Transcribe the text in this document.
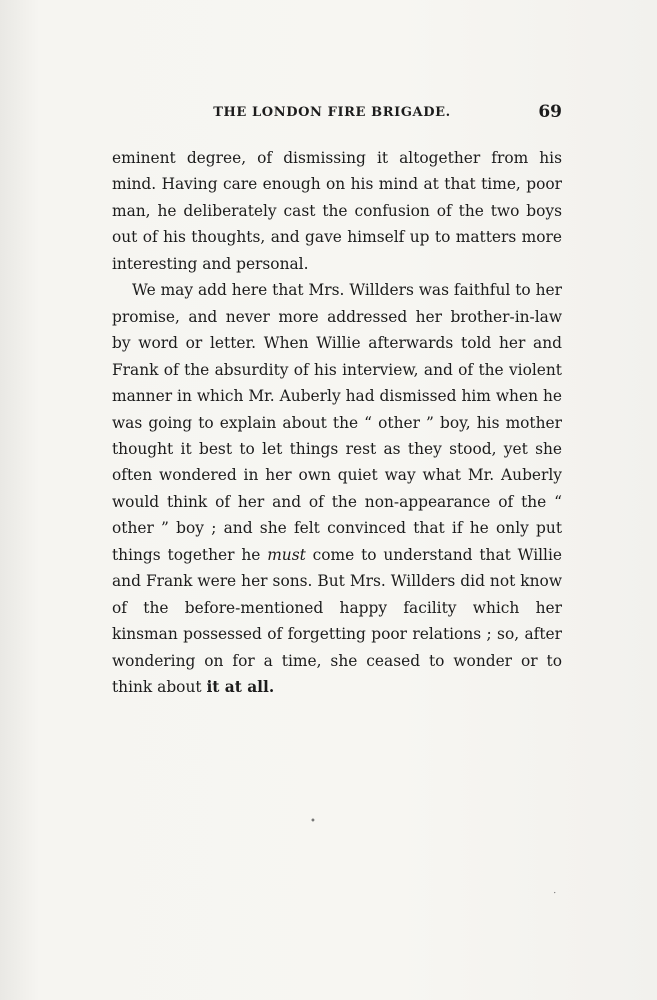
THE LONDON FIRE BRIGADE.	69

eminent degree, of dismissing it altogether from his mind. Having care enough on his mind at that time, poor man, he deliberately cast the confusion of the two boys out of his thoughts, and gave himself up to matters more interesting and personal.

We may add here that Mrs. Willders was faithful to her promise, and never more addressed her brother-in-law by word or letter. When Willie afterwards told her and Frank of the absurdity of his interview, and of the violent manner in which Mr. Auberly had dismissed him when he was going to explain about the “ other ” boy, his mother thought it best to let things rest as they stood, yet she often wondered in her own quiet way what Mr. Auberly would think of her and of the non-appearance of the “ other ” boy ; and she felt convinced that if he only put things together he must come to understand that Willie and Frank were her sons. But Mrs. Willders did not know of the before-mentioned happy facility which her kinsman possessed of forgetting poor relations ; so, after wondering on for a time, she ceased to wonder or to think about it at all.

•
⋅
